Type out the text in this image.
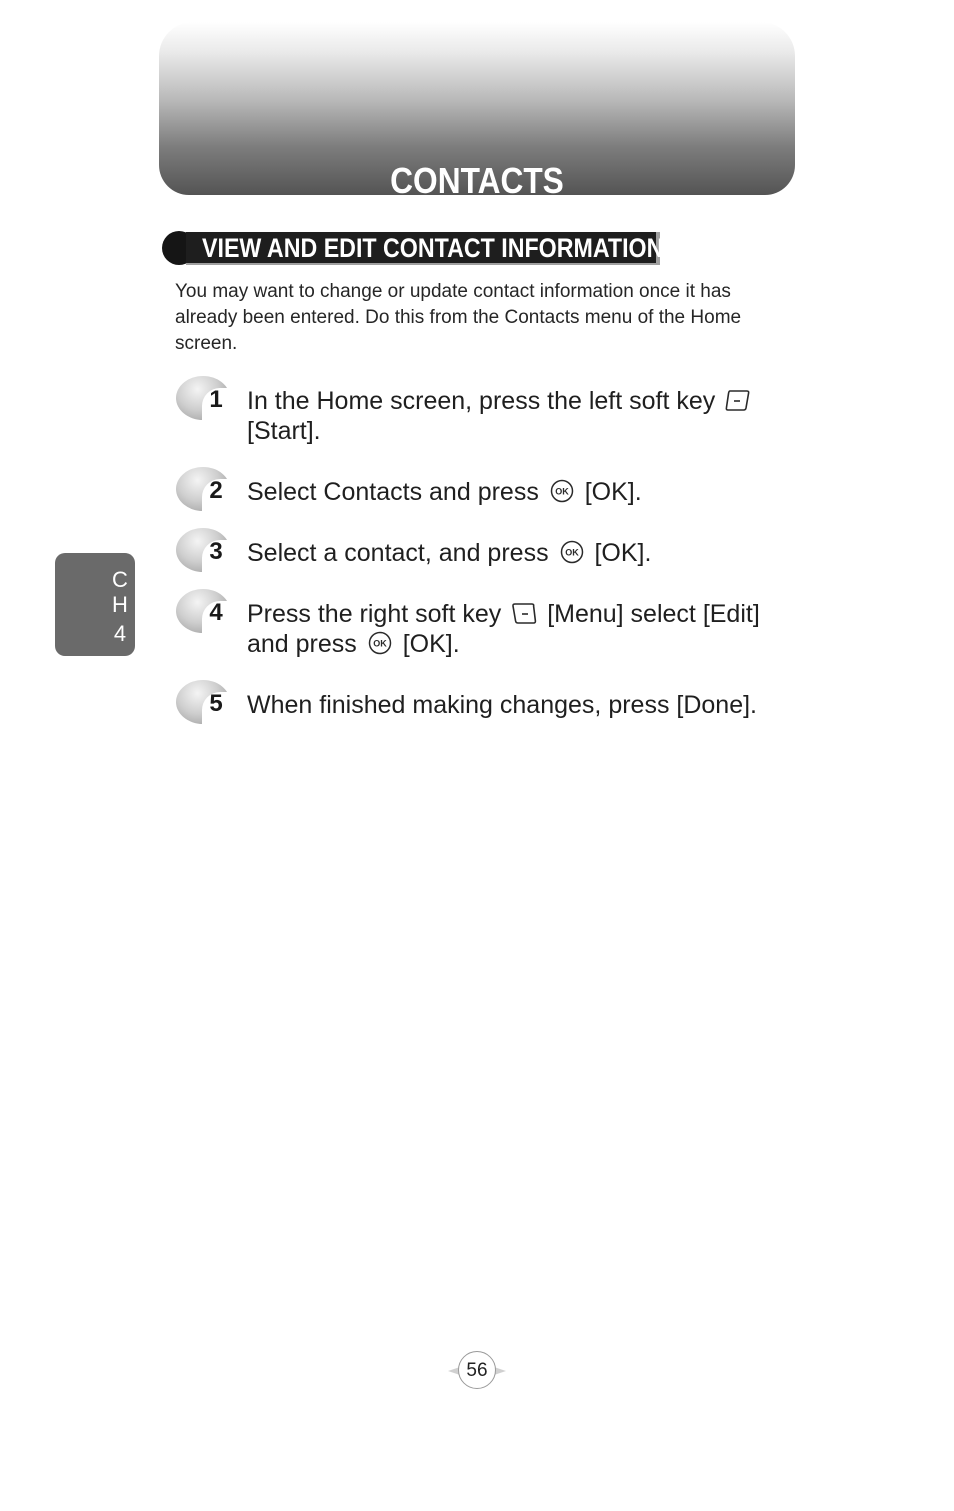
CONTACTS
VIEW AND EDIT CONTACT INFORMATION
You may want to change or update contact information once it has already been entered. Do this from the Contacts menu of the Home screen.
1 In the Home screen, press the left soft key  [Start].
2 Select Contacts and press OK [OK].
3 Select a contact, and press OK [OK].
4 Press the right soft key [Menu] select [Edit] and press OK [OK].
5 When finished making changes, press [Done].
C
H
4
56
